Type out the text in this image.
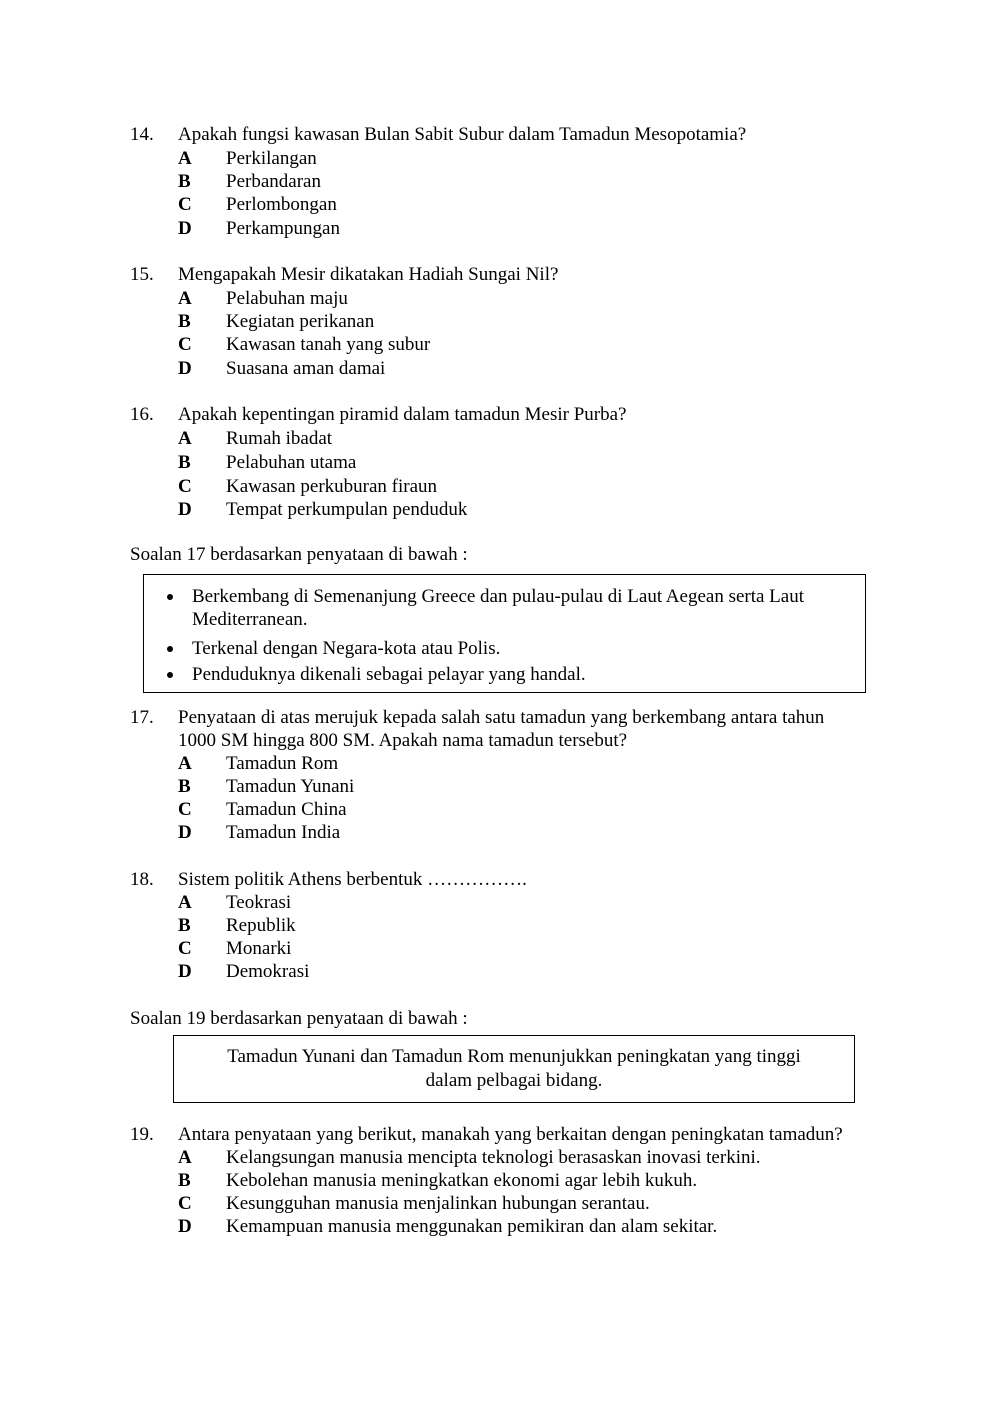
14. Apakah fungsi kawasan Bulan Sabit Subur dalam Tamadun Mesopotamia?
A Perkilangan
B Perbandaran
C Perlombongan
D Perkampungan
15. Mengapakah Mesir dikatakan Hadiah Sungai Nil?
A Pelabuhan maju
B Kegiatan perikanan
C Kawasan tanah yang subur
D Suasana aman damai
16. Apakah kepentingan piramid dalam tamadun Mesir Purba?
A Rumah ibadat
B Pelabuhan utama
C Kawasan perkuburan firaun
D Tempat perkumpulan penduduk
Soalan 17 berdasarkan penyataan di bawah :
Berkembang di Semenanjung Greece dan pulau-pulau di Laut Aegean serta Laut Mediterranean.
Terkenal dengan Negara-kota atau Polis.
Penduduknya dikenali sebagai pelayar yang handal.
17. Penyataan di atas merujuk kepada salah satu tamadun yang berkembang antara tahun
1000 SM hingga 800 SM. Apakah nama tamadun tersebut?
A Tamadun Rom
B Tamadun Yunani
C Tamadun China
D Tamadun India
18. Sistem politik Athens berbentuk …………….
A Teokrasi
B Republik
C Monarki
D Demokrasi
Soalan 19 berdasarkan penyataan di bawah :
Tamadun Yunani dan Tamadun Rom menunjukkan peningkatan yang tinggi
dalam pelbagai bidang.
19. Antara penyataan yang berikut, manakah yang berkaitan dengan peningkatan tamadun?
A Kelangsungan manusia mencipta teknologi berasaskan inovasi terkini.
B Kebolehan manusia meningkatkan ekonomi agar lebih kukuh.
C Kesungguhan manusia menjalinkan hubungan serantau.
D Kemampuan manusia menggunakan pemikiran dan alam sekitar.
